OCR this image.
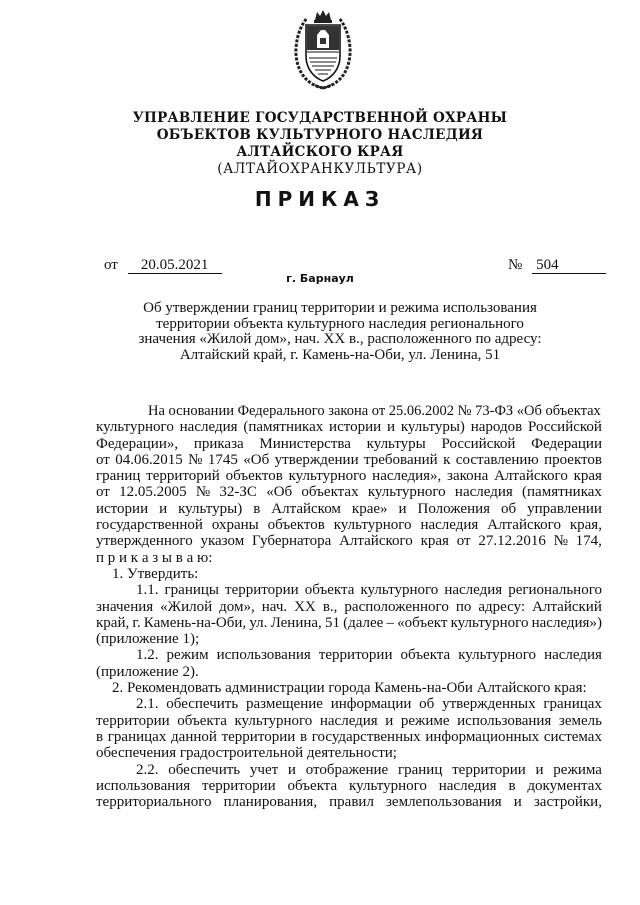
УПРАВЛЕНИЕ ГОСУДАРСТВЕННОЙ ОХРАНЫ
ОБЪЕКТОВ КУЛЬТУРНОГО НАСЛЕДИЯ
АЛТАЙСКОГО КРАЯ
(АЛТАЙОХРАНКУЛЬТУРА)
ПРИКАЗ
от 20.05.2021	№ 504
г. Барнаул
Об утверждении границ территории и режима использования
территории объекта культурного наследия регионального
значения «Жилой дом», нач. ХХ в., расположенного по адресу:
Алтайский край, г. Камень-на-Оби, ул. Ленина, 51
На основании Федерального закона от 25.06.2002 № 73-ФЗ «Об объектах
культурного наследия (памятниках истории и культуры) народов Российской
Федерации», приказа Министерства культуры Российской Федерации
от 04.06.2015 № 1745 «Об утверждении требований к составлению проектов
границ территорий объектов культурного наследия», закона Алтайского края
от 12.05.2005 № 32-ЗС «Об объектах культурного наследия (памятниках
истории и культуры) в Алтайском крае» и Положения об управлении
государственной охраны объектов культурного наследия Алтайского края,
утвержденного указом Губернатора Алтайского края от 27.12.2016 № 174,
п р и к а з ы в а ю:
1. Утвердить:
1.1. границы территории объекта культурного наследия регионального
значения «Жилой дом», нач. ХХ в., расположенного по адресу: Алтайский
край, г. Камень-на-Оби, ул. Ленина, 51 (далее – «объект культурного наследия»)
(приложение 1);
1.2. режим использования территории объекта культурного наследия
(приложение 2).
2. Рекомендовать администрации города Камень-на-Оби Алтайского края:
2.1. обеспечить размещение информации об утвержденных границах
территории объекта культурного наследия и режиме использования земель
в границах данной территории в государственных информационных системах
обеспечения градостроительной деятельности;
2.2. обеспечить учет и отображение границ территории и режима
использования территории объекта культурного наследия в документах
территориального планирования, правил землепользования и застройки,
